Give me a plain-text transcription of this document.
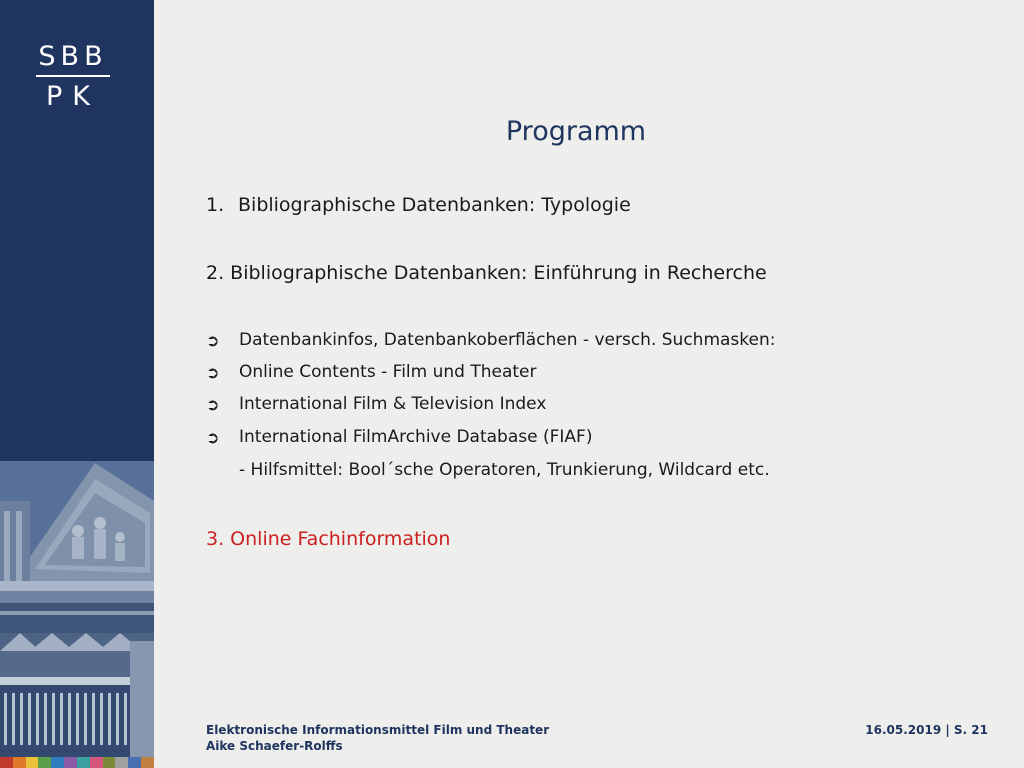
SBB
PK
Programm
1. Bibliographische Datenbanken: Typologie
2. Bibliographische Datenbanken: Einführung in Recherche
➲	Datenbankinfos, Datenbankoberflächen - versch. Suchmasken:
➲	Online Contents - Film und Theater
➲	International Film & Television Index
➲	International FilmArchive Database (FIAF)
- Hilfsmittel: Bool´sche Operatoren, Trunkierung, Wildcard etc.
3. Online Fachinformation
Elektronische Informationsmittel Film und Theater
Aike Schaefer-Rolffs
16.05.2019 | S. 21
